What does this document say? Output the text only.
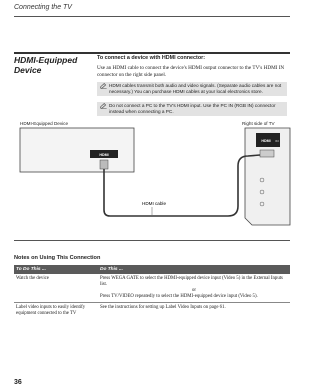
Connecting the TV
HDMI-Equipped Device
To connect a device with HDMI connector:
Use an HDMI cable to connect the device's HDMI output connector to the TV's HDMI IN connector on the right side panel.
HDMI cables transmit both audio and video signals. (Separate audio cables are not necessary.) You can purchase HDMI cables at your local electronics store.
Do not connect a PC to the TV's HDMI input. Use the PC IN (RGB IN) connector instead when connecting a PC.
HDMI-Equipped Device	Right side of TV
HDMI
HDMI IN
HDMI cable
Notes on Using This Connection
To Do This ...	Do This ...
Watch the device	Press WEGA GATE to select the HDMI-equipped device input (Video 5) in the External Inputs list.
or
Press TV/VIDEO repeatedly to select the HDMI-equipped device input (Video 5).
Label video inputs to easily identify equipment connected to the TV	See the instructions for setting up Label Video Inputs on page 61.
36
